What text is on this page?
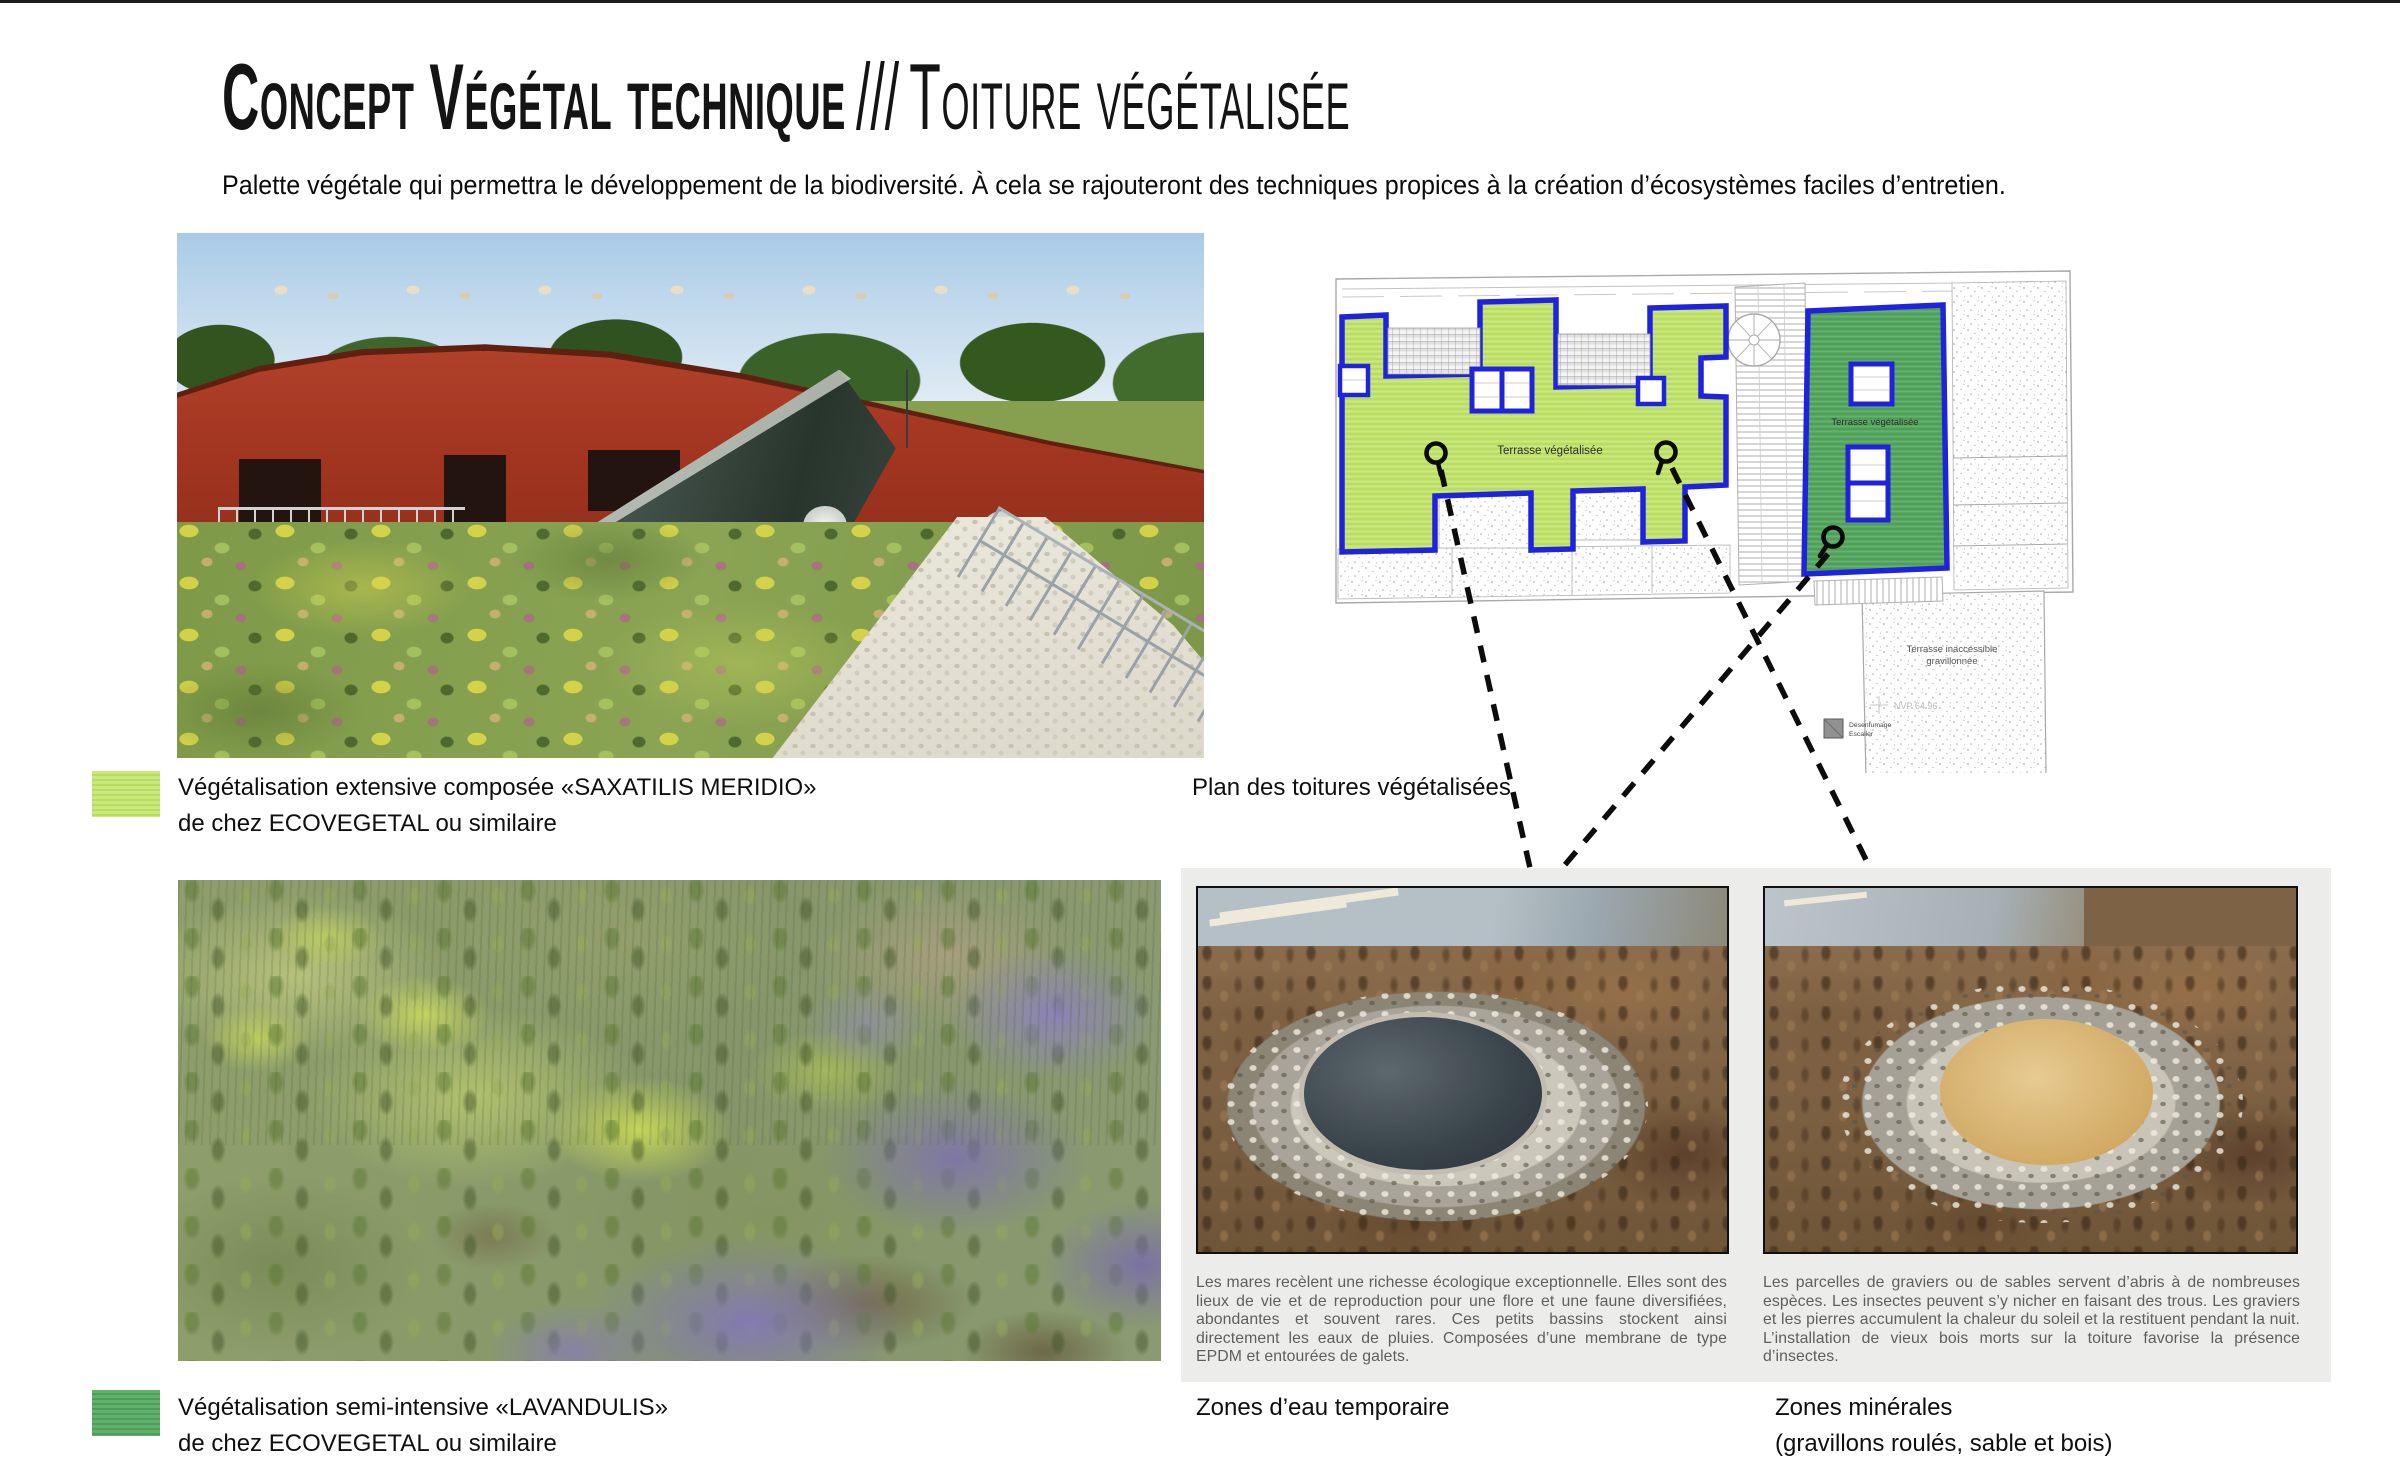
Concept Végétal technique /// Toiture végétalisée
Palette végétale qui permettra le développement de la biodiversité. À cela se rajouteront des techniques propices à la création d’écosystèmes faciles d’entretien.
Terrasse végétalisée
Terrasse végétalisée
Terrasse inaccessible
gravillonnée
NVP 64.96
Désenfumage
Escalier
Végétalisation extensive composée «SAXATILIS MERIDIO»
de chez ECOVEGETAL ou similaire
Plan des toitures végétalisées
Les mares recèlent une richesse écologique exceptionnelle. Elles sont des lieux de vie et de reproduction pour une flore et une faune diversifiées, abondantes et souvent rares. Ces petits bassins stockent ainsi directement les eaux de pluies. Composées d’une membrane de type EPDM et entourées de galets.
Les parcelles de graviers ou de sables servent d’abris à de nombreuses espèces. Les insectes peuvent s’y nicher en faisant des trous. Les graviers et les pierres accumulent la chaleur du soleil et la restituent pendant la nuit. L’installation de vieux bois morts sur la toiture favorise la présence d’insectes.
Végétalisation semi-intensive «LAVANDULIS»
de chez ECOVEGETAL ou similaire
Zones d’eau temporaire	Zones minérales
(gravillons roulés, sable et bois)
